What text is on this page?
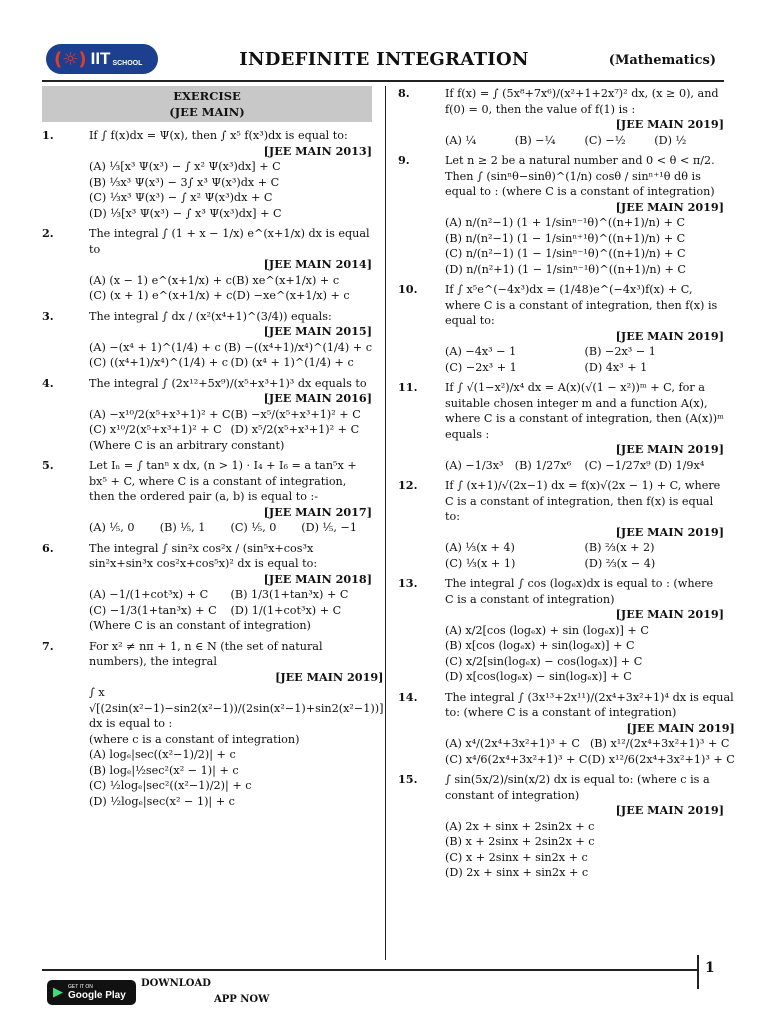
(☼) IIT SCHOOL	INDEFINITE INTEGRATION	(Mathematics)
EXERCISE
(JEE MAIN)
1.	If ∫ f(x)dx = Ψ(x), then ∫ x⁵ f(x³)dx is equal to:
[JEE MAIN 2013]
(A) ⅓[x³ Ψ(x³) − ∫ x² Ψ(x³)dx] + C
(B) ⅓x³ Ψ(x³) − 3∫ x³ Ψ(x³)dx + C
(C) ⅓x³ Ψ(x³) − ∫ x² Ψ(x³)dx + C
(D) ⅓[x³ Ψ(x³) − ∫ x³ Ψ(x³)dx] + C
2.	The integral ∫ (1 + x − 1/x) e^(x+1/x) dx is equal to
[JEE MAIN 2014]
(A) (x − 1) e^(x+1/x) + c (B) xe^(x+1/x) + c
(C) (x + 1) e^(x+1/x) + c (D) −xe^(x+1/x) + c
3.	The integral ∫ dx / (x²(x⁴+1)^(3/4)) equals:
[JEE MAIN 2015]
(A) −(x⁴ + 1)^(1/4) + c (B) −((x⁴+1)/x⁴)^(1/4) + c
(C) ((x⁴+1)/x⁴)^(1/4) + c (D) (x⁴ + 1)^(1/4) + c
4.	The integral ∫ (2x¹²+5x⁹)/(x⁵+x³+1)³ dx equals to
[JEE MAIN 2016]
(A) −x¹⁰/2(x⁵+x³+1)² + C (B) −x⁵/(x⁵+x³+1)² + C
(C) x¹⁰/2(x⁵+x³+1)² + C (D) x⁵/2(x⁵+x³+1)² + C
(Where C is an arbitrary constant)
5.	Let Iₙ = ∫ tanⁿ x dx, (n > 1) · I₄ + I₆ = a tan⁵x + bx⁵ + C, where C is a constant of integration, then the ordered pair (a, b) is equal to :-
[JEE MAIN 2017]
(A) ⅕, 0	(B) ⅕, 1	(C) ⅕, 0	(D) ⅕, −1
6.	The integral ∫ sin²x cos²x / (sin⁵x+cos³x sin²x+sin³x cos²x+cos⁵x)² dx is equal to:
[JEE MAIN 2018]
(A) −1/(1+cot³x) + C	(B) 1/3(1+tan³x) + C
(C) −1/3(1+tan³x) + C	(D) 1/(1+cot³x) + C
(Where C is an constant of integration)
7.	For x² ≠ nπ + 1, n ∈ N (the set of natural numbers), the integral
[JEE MAIN 2019]
∫ x √[(2sin(x²−1)−sin2(x²−1))/(2sin(x²−1)+sin2(x²−1))] dx is equal to :
(where c is a constant of integration)
(A) logₑ|sec((x²−1)/2)| + c
(B) logₑ|½sec²(x² − 1)| + c
(C) ½logₑ|sec²((x²−1)/2)| + c
(D) ½logₑ|sec(x² − 1)| + c
8.	If f(x) = ∫ (5x⁸+7x⁶)/(x²+1+2x⁷)² dx, (x ≥ 0), and f(0) = 0, then the value of f(1) is :
[JEE MAIN 2019]
(A) ¼	(B) −¼	(C) −½	(D) ½
9.	Let n ≥ 2 be a natural number and 0 < θ < π/2.
Then ∫ (sinⁿθ−sinθ)^(1/n) cosθ / sinⁿ⁺¹θ dθ is equal to : (where C is a constant of integration)
[JEE MAIN 2019]
(A) n/(n²−1) (1 + 1/sinⁿ⁻¹θ)^((n+1)/n) + C
(B) n/(n²−1) (1 − 1/sinⁿ⁺¹θ)^((n+1)/n) + C
(C) n/(n²−1) (1 − 1/sinⁿ⁻¹θ)^((n+1)/n) + C
(D) n/(n²+1) (1 − 1/sinⁿ⁻¹θ)^((n+1)/n) + C
10.	If ∫ x⁵e^(−4x³)dx = (1/48)e^(−4x³)f(x) + C, where C is a constant of integration, then f(x) is equal to:
[JEE MAIN 2019]
(A) −4x³ − 1	(B) −2x³ − 1
(C) −2x³ + 1	(D) 4x³ + 1
11.	If ∫ √(1−x²)/x⁴ dx = A(x)(√(1 − x²))ᵐ + C, for a suitable chosen integer m and a function A(x), where C is a constant of integration, then (A(x))ᵐ equals :
[JEE MAIN 2019]
(A) −1/3x³	(B) 1/27x⁶	(C) −1/27x⁹ (D) 1/9x⁴
12.	If ∫ (x+1)/√(2x−1) dx = f(x)√(2x − 1) + C, where C is a constant of integration, then f(x) is equal to:
[JEE MAIN 2019]
(A) ⅓(x + 4)	(B) ⅔(x + 2)
(C) ⅓(x + 1)	(D) ⅔(x − 4)
13.	The integral ∫ cos (logₑx)dx is equal to : (where C is a constant of integration)
[JEE MAIN 2019]
(A) x/2[cos (logₑx) + sin (logₑx)] + C
(B) x[cos (logₑx) + sin(logₑx)] + C
(C) x/2[sin(logₑx) − cos(logₑx)] + C
(D) x[cos(logₑx) − sin(logₑx)] + C
14.	The integral ∫ (3x¹³+2x¹¹)/(2x⁴+3x²+1)⁴ dx is equal to: (where C is a constant of integration)
[JEE MAIN 2019]
(A) x⁴/(2x⁴+3x²+1)³ + C (B) x¹²/(2x⁴+3x²+1)³ + C
(C) x⁴/6(2x⁴+3x²+1)³ + C (D) x¹²/6(2x⁴+3x²+1)³ + C
15.	∫ sin(5x/2)/sin(x/2) dx is equal to: (where c is a constant of integration)
[JEE MAIN 2019]
(A) 2x + sinx + 2sin2x + c
(B) x + 2sinx + 2sin2x + c
(C) x + 2sinx + sin2x + c
(D) 2x + sinx + sin2x + c
1
▶ GET IT ON
Google Play
DOWNLOAD
APP NOW
